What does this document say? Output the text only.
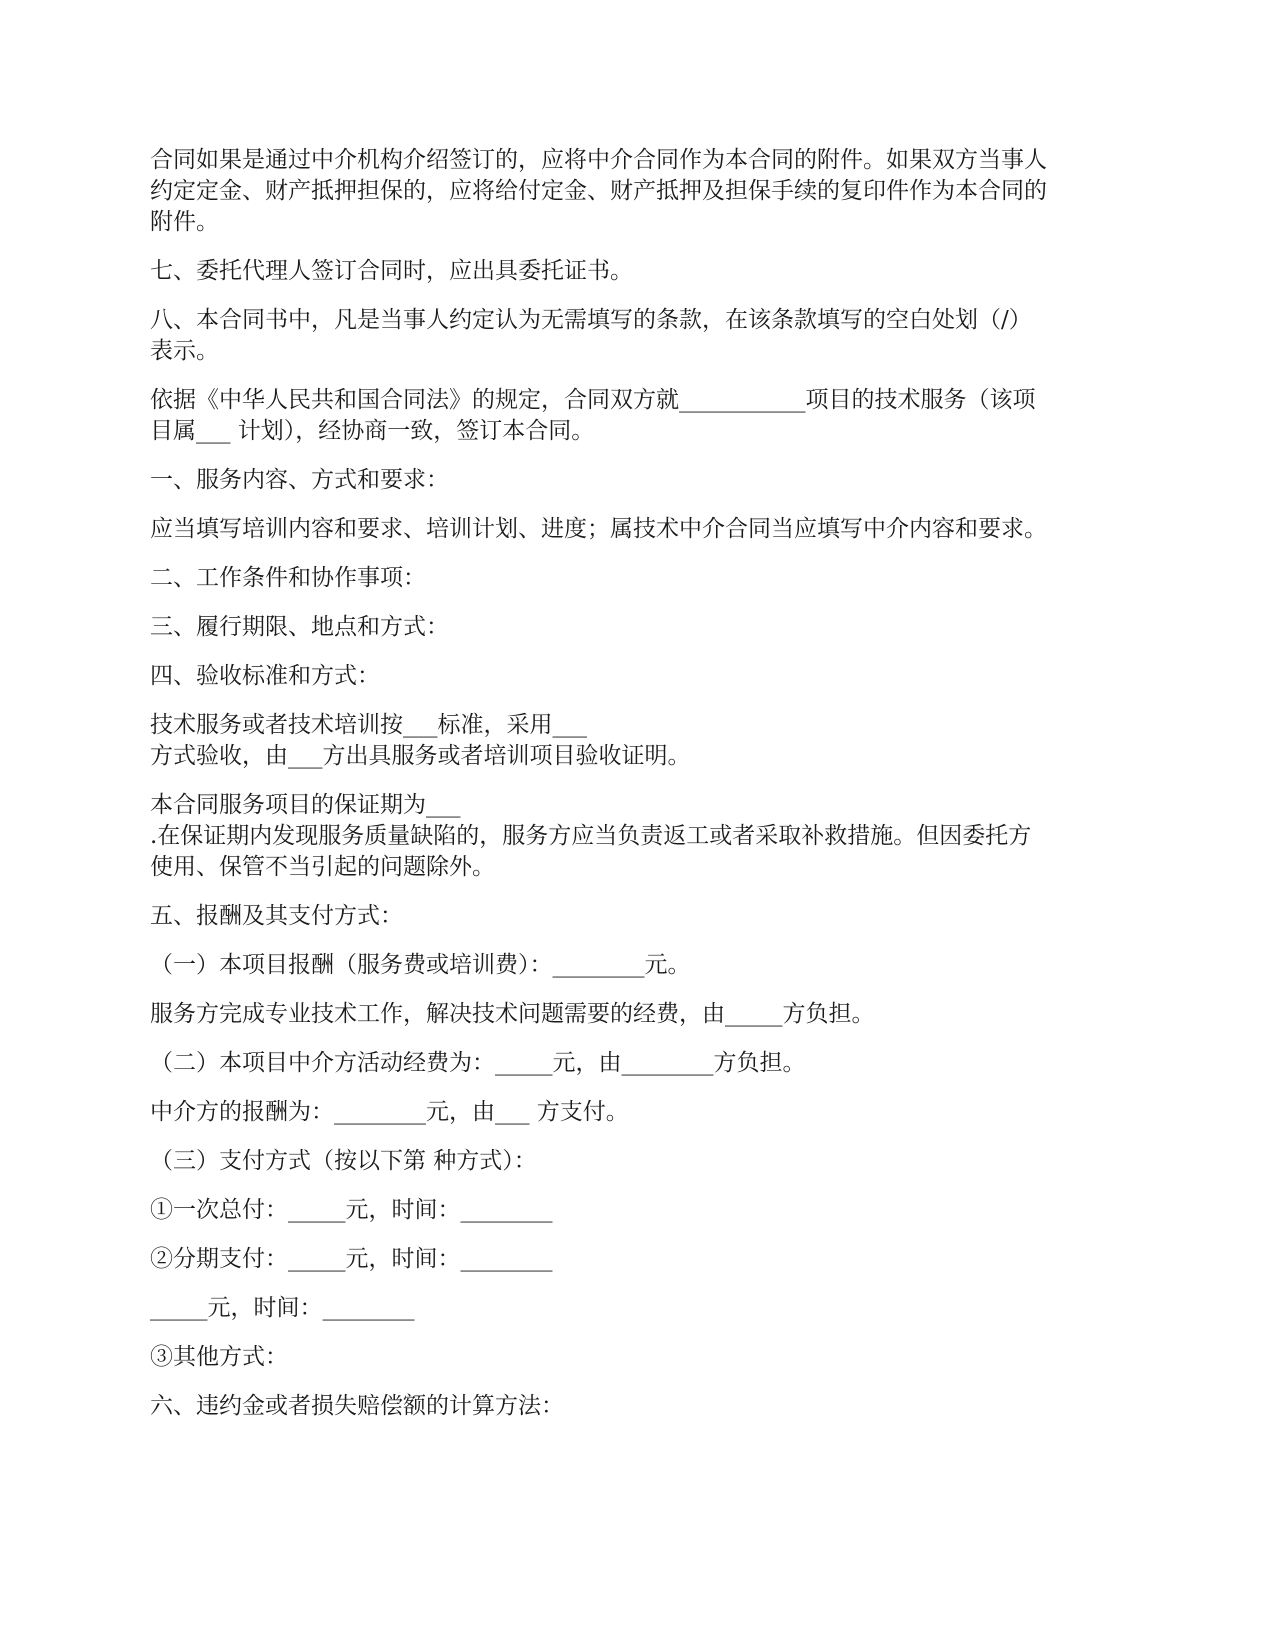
合同如果是通过中介机构介绍签订的，应将中介合同作为本合同的附件。如果双方当事人
约定定金、财产抵押担保的，应将给付定金、财产抵押及担保手续的复印件作为本合同的
附件。

七、委托代理人签订合同时，应出具委托证书。

八、本合同书中，凡是当事人约定认为无需填写的条款，在该条款填写的空白处划（/）
表示。

依据《中华人民共和国合同法》的规定，合同双方就___________项目的技术服务（该项
目属___ 计划），经协商一致，签订本合同。

一、服务内容、方式和要求：

应当填写培训内容和要求、培训计划、进度；属技术中介合同当应填写中介内容和要求。

二、工作条件和协作事项：

三、履行期限、地点和方式：

四、验收标准和方式：

技术服务或者技术培训按___标准，采用___
方式验收，由___方出具服务或者培训项目验收证明。

本合同服务项目的保证期为___
.在保证期内发现服务质量缺陷的，服务方应当负责返工或者采取补救措施。但因委托方
使用、保管不当引起的问题除外。

五、报酬及其支付方式：

（一）本项目报酬（服务费或培训费）：________元。

服务方完成专业技术工作，解决技术问题需要的经费，由_____方负担。

（二）本项目中介方活动经费为：_____元，由________方负担。

中介方的报酬为：________元，由___ 方支付。

（三）支付方式（按以下第 种方式）：

①一次总付：_____元，时间：________

②分期支付：_____元，时间：________

_____元，时间：________

③其他方式：

六、违约金或者损失赔偿额的计算方法：
